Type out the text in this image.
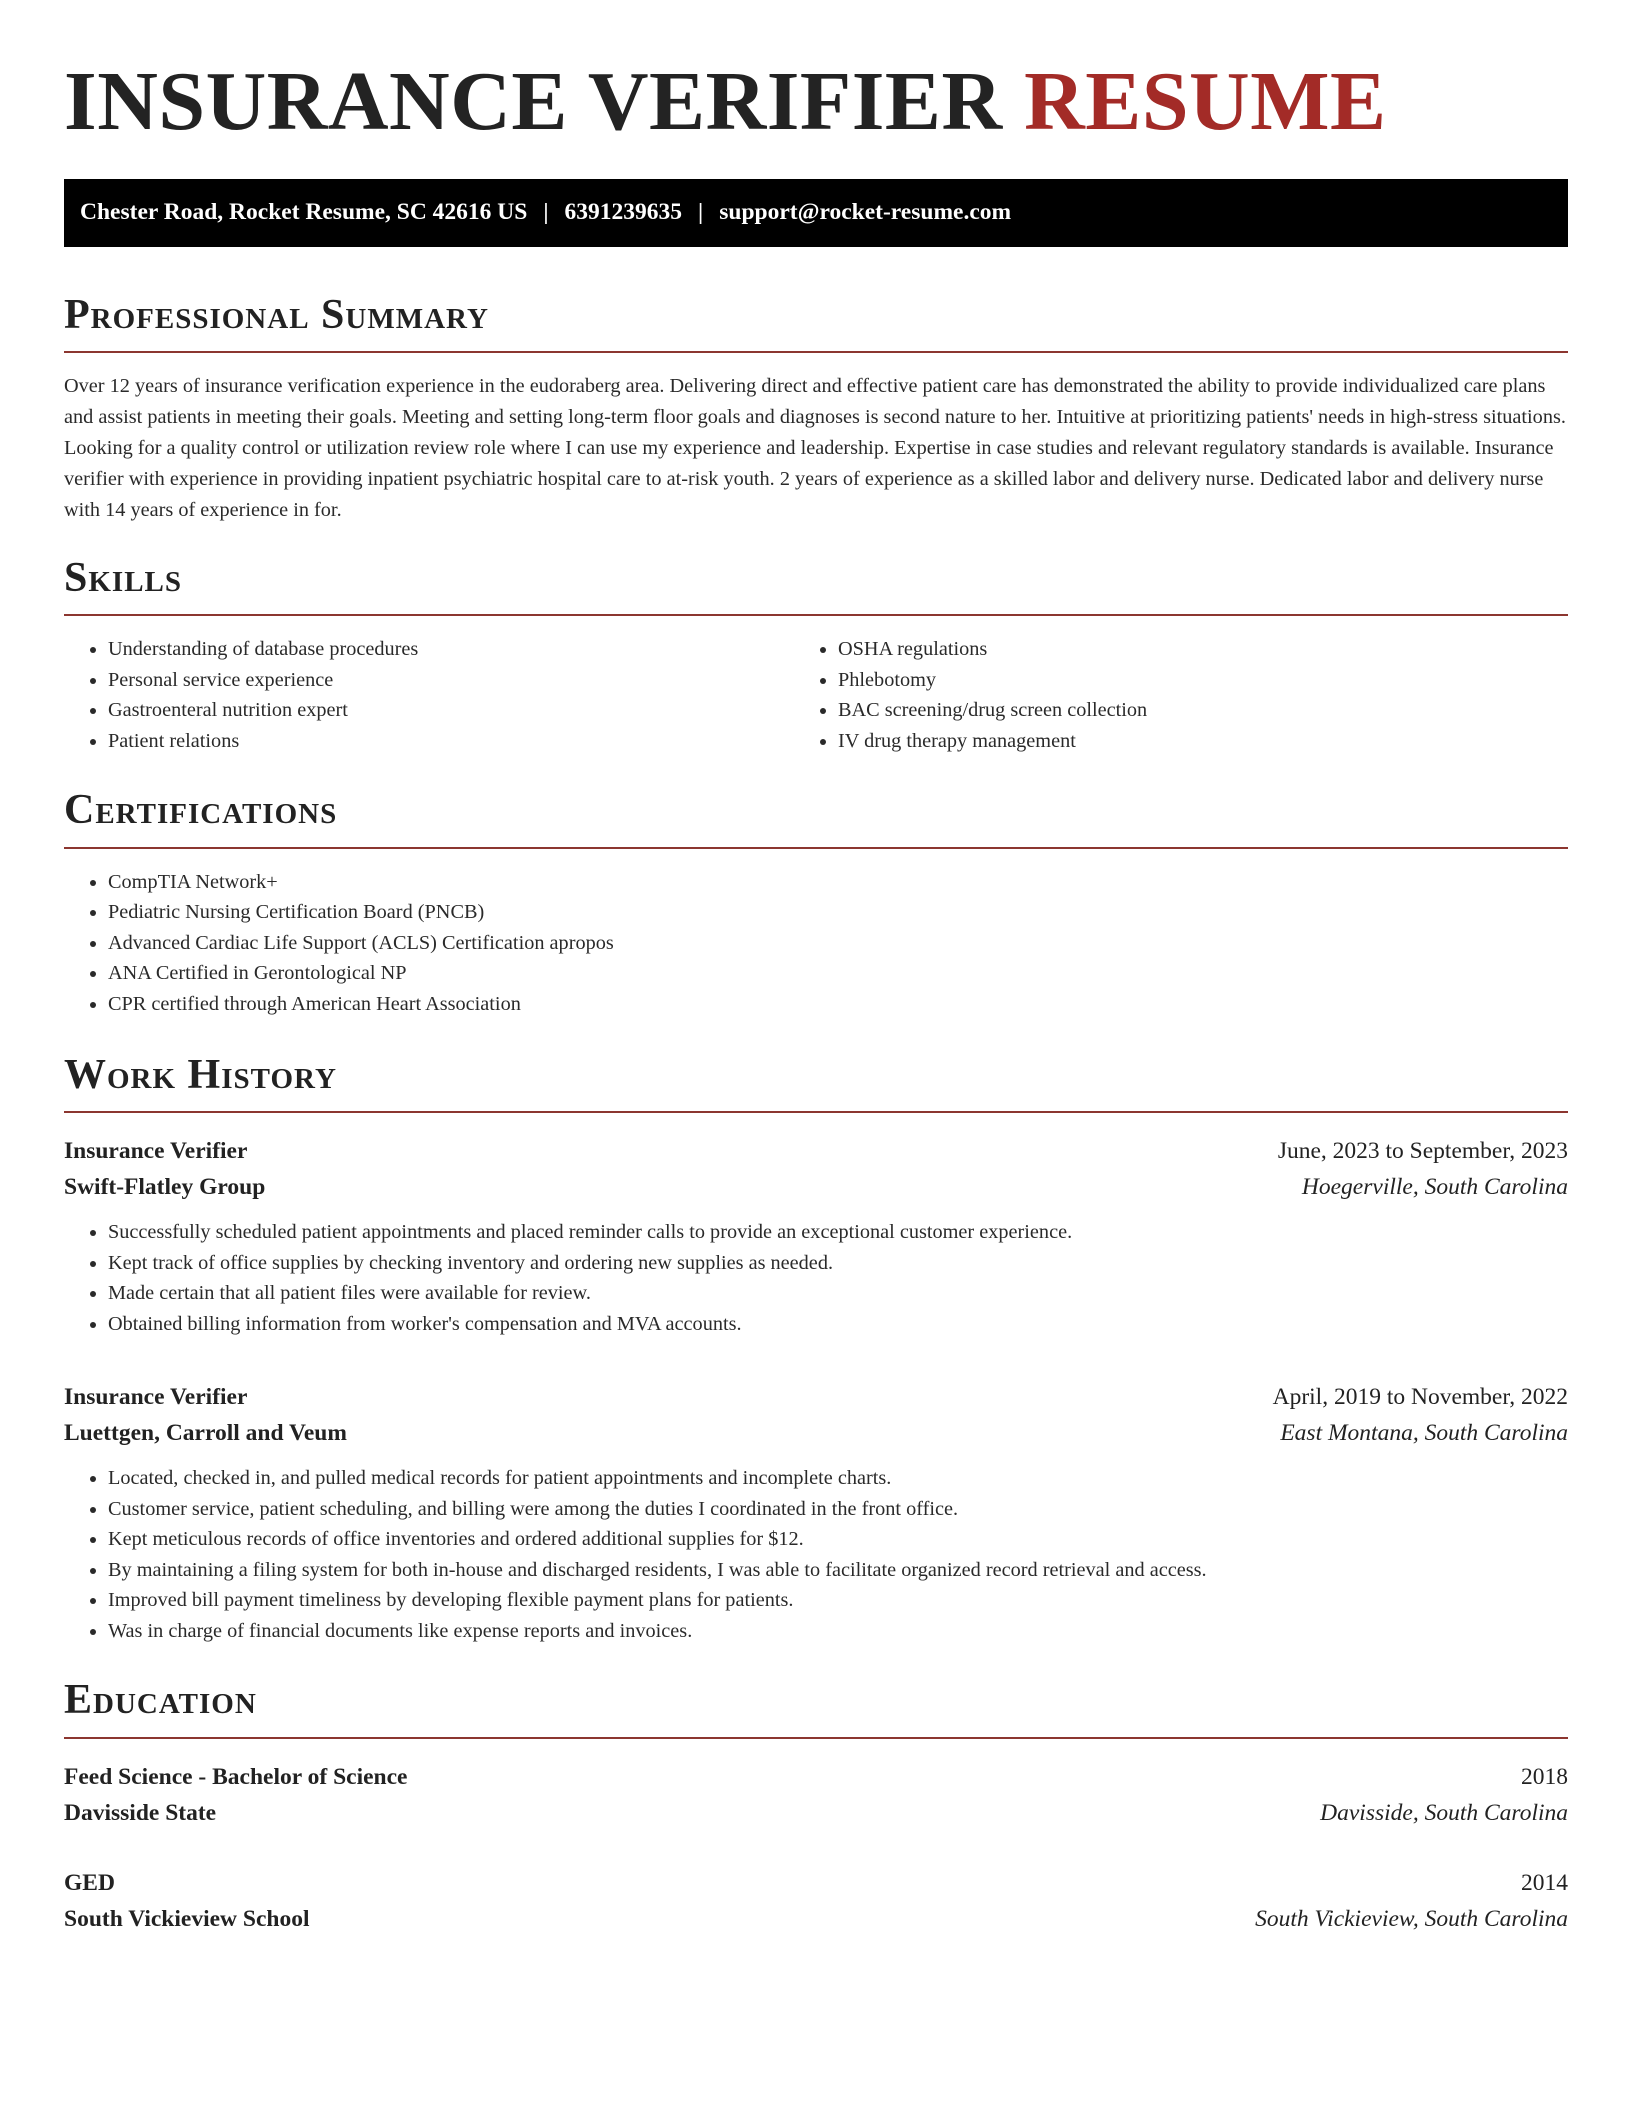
INSURANCE VERIFIER RESUME
Chester Road, Rocket Resume, SC 42616 US | 6391239635 | support@rocket-resume.com
Professional Summary

Over 12 years of insurance verification experience in the eudoraberg area. Delivering direct and effective patient care has demonstrated the ability to provide individualized care plans and assist patients in meeting their goals. Meeting and setting long-term floor goals and diagnoses is second nature to her. Intuitive at prioritizing patients' needs in high-stress situations. Looking for a quality control or utilization review role where I can use my experience and leadership. Expertise in case studies and relevant regulatory standards is available. Insurance verifier with experience in providing inpatient psychiatric hospital care to at-risk youth. 2 years of experience as a skilled labor and delivery nurse. Dedicated labor and delivery nurse with 14 years of experience in for.

Skills
• Understanding of database procedures
• Personal service experience
• Gastroenteral nutrition expert
• Patient relations
• OSHA regulations
• Phlebotomy
• BAC screening/drug screen collection
• IV drug therapy management
Certifications
• CompTIA Network+
• Pediatric Nursing Certification Board (PNCB)
• Advanced Cardiac Life Support (ACLS) Certification apropos
• ANA Certified in Gerontological NP
• CPR certified through American Heart Association
Work History
Insurance Verifier	June, 2023 to September, 2023
Swift-Flatley Group	Hoegerville, South Carolina
• Successfully scheduled patient appointments and placed reminder calls to provide an exceptional customer experience.
• Kept track of office supplies by checking inventory and ordering new supplies as needed.
• Made certain that all patient files were available for review.
• Obtained billing information from worker's compensation and MVA accounts.
Insurance Verifier	April, 2019 to November, 2022
Luettgen, Carroll and Veum	East Montana, South Carolina
• Located, checked in, and pulled medical records for patient appointments and incomplete charts.
• Customer service, patient scheduling, and billing were among the duties I coordinated in the front office.
• Kept meticulous records of office inventories and ordered additional supplies for $12.
• By maintaining a filing system for both in-house and discharged residents, I was able to facilitate organized record retrieval and access.
• Improved bill payment timeliness by developing flexible payment plans for patients.
• Was in charge of financial documents like expense reports and invoices.
Education
Feed Science - Bachelor of Science	2018
Davisside State	Davisside, South Carolina
GED	2014
South Vickieview School	South Vickieview, South Carolina
